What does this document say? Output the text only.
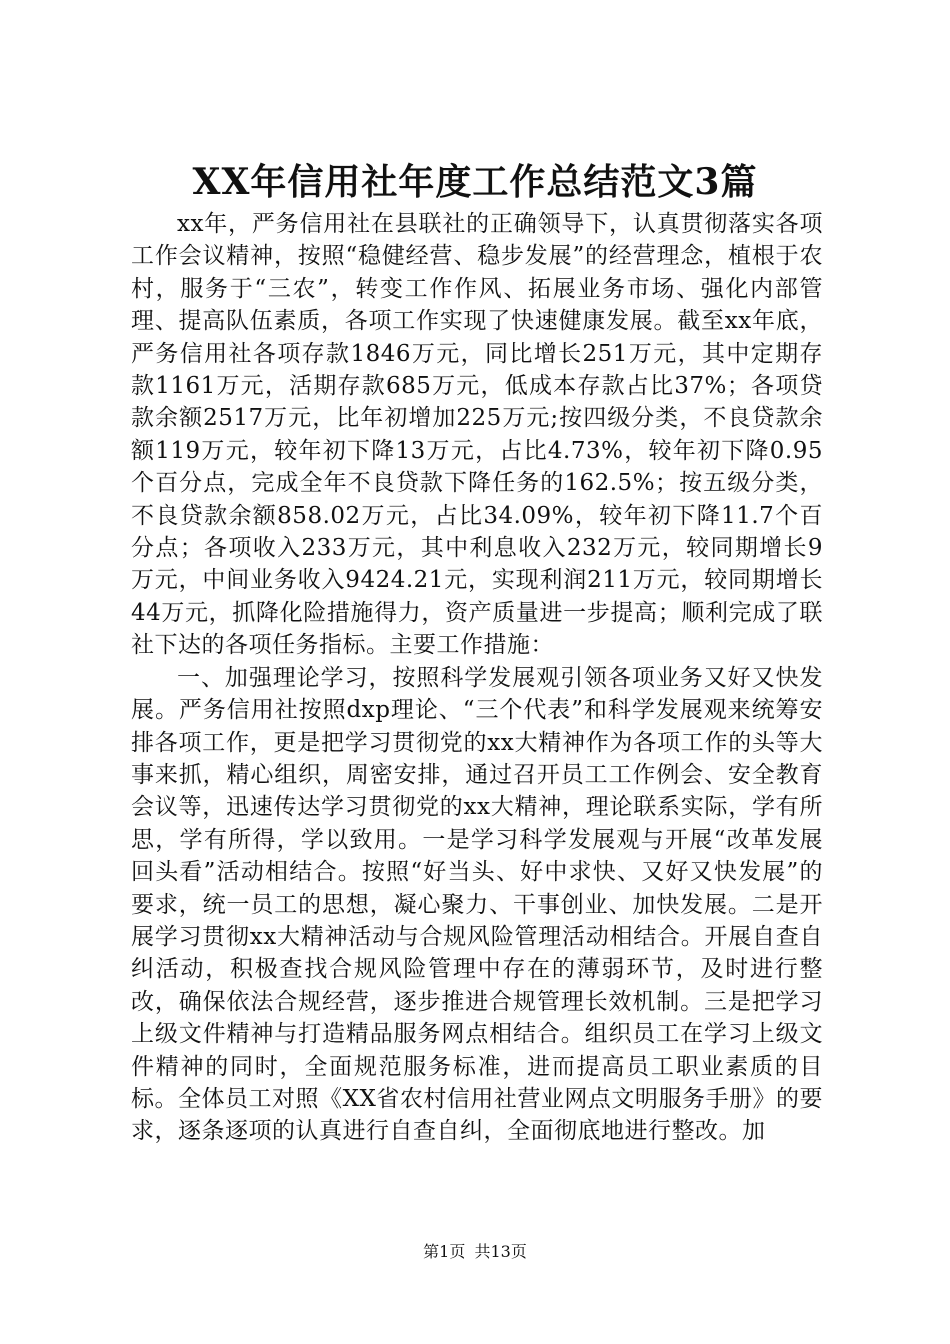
XX年信用社年度工作总结范文3篇

xx年，严务信用社在县联社的正确领导下，认真贯彻落实各项工作会议精神，按照“稳健经营、稳步发展”的经营理念，植根于农村，服务于“三农”，转变工作作风、拓展业务市场、强化内部管理、提高队伍素质，各项工作实现了快速健康发展。截至xx年底，严务信用社各项存款1846万元，同比增长251万元，其中定期存款1161万元，活期存款685万元，低成本存款占比37%；各项贷款余额2517万元，比年初增加225万元;按四级分类，不良贷款余额119万元，较年初下降13万元，占比4.73%，较年初下降0.95个百分点，完成全年不良贷款下降任务的162.5%；按五级分类，不良贷款余额858.02万元，占比34.09%，较年初下降11.7个百分点；各项收入233万元，其中利息收入232万元，较同期增长9万元，中间业务收入9424.21元，实现利润211万元，较同期增长44万元，抓降化险措施得力，资产质量进一步提高；顺利完成了联社下达的各项任务指标。主要工作措施：

一、加强理论学习，按照科学发展观引领各项业务又好又快发展。严务信用社按照dxp理论、“三个代表”和科学发展观来统筹安排各项工作，更是把学习贯彻党的xx大精神作为各项工作的头等大事来抓，精心组织，周密安排，通过召开员工工作例会、安全教育会议等，迅速传达学习贯彻党的xx大精神，理论联系实际，学有所思，学有所得，学以致用。一是学习科学发展观与开展“改革发展回头看”活动相结合。按照“好当头、好中求快、又好又快发展”的要求，统一员工的思想，凝心聚力、干事创业、加快发展。二是开展学习贯彻xx大精神活动与合规风险管理活动相结合。开展自查自纠活动，积极查找合规风险管理中存在的薄弱环节，及时进行整改，确保依法合规经营，逐步推进合规管理长效机制。三是把学习上级文件精神与打造精品服务网点相结合。组织员工在学习上级文件精神的同时，全面规范服务标准，进而提高员工职业素质的目标。全体员工对照《XX省农村信用社营业网点文明服务手册》的要求，逐条逐项的认真进行自查自纠，全面彻底地进行整改。加

第1页 共13页
